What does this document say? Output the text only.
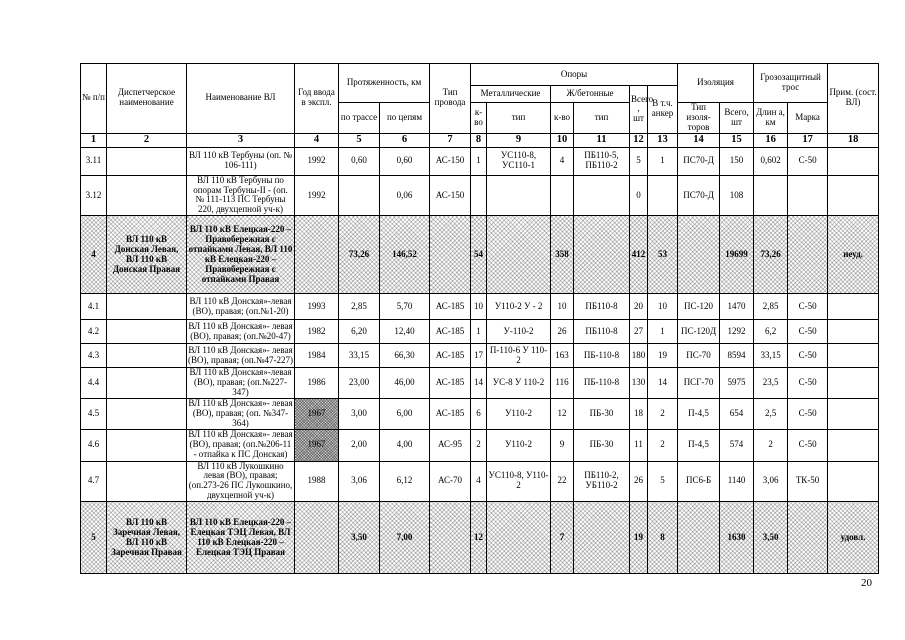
№ п/п	Диспетчерское наименование	Наименование ВЛ	Год ввода в экспл.	Протяженность, км		Тип провода	Опоры						Изоляция		Грозозащитный трос		Прим. (сост. ВЛ)
							Металлические		Ж/бетонные		Всего , шт	В т.ч. анкер					
				по трассе	по цепям		к-во	тип	к-во	тип			Тип изоля- торов	Всего, шт	Длин а, км	Марка	
1	2	3	4	5	6	7	8	9	10	11	12	13	14	15	16	17	18
3.11		ВЛ 110 кВ Тербуны (оп. № 106-111)	1992	0,60	0,60	АС-150	1	УС110-8, УС110-1	4	ПБ110-5, ПБ110-2	5	1	ПС70-Д	150	0,602	С-50	
3.12		ВЛ 110 кВ Тербуны по опорам Тербуны-II - (оп. № 111-113 ПС Тербуны 220, двухцепной уч-к)	1992		0,06	АС-150					0		ПС70-Д	108			
4	ВЛ 110 кВ Донская Левая, ВЛ 110 кВ Донская Правая	ВЛ 110 кВ Елецкая-220 – Правобережная с отпайками Левая, ВЛ 110 кВ Елецкая-220 – Правобережная с отпайками Правая		73,26	146,52		54		358		412	53		19699	73,26		неуд.
4.1		ВЛ 110 кВ Донская»-левая (ВО), правая; (оп.№1-20)	1993	2,85	5,70	АС-185	10	У110-2 У - 2	10	ПБ110-8	20	10	ПС-120	1470	2,85	С-50	
4.2		ВЛ 110 кВ Донская»- левая (ВО), правая; (оп.№20-47)	1982	6,20	12,40	АС-185	1	У-110-2	26	ПБ110-8	27	1	ПС-120Д	1292	6,2	С-50	
4.3		ВЛ 110 кВ Донская»- левая (ВО), правая; (оп.№47-227)	1984	33,15	66,30	АС-185	17	П-110-6 У 110-2	163	ПБ-110-8	180	19	ПС-70	8594	33,15	С-50	
4.4		ВЛ 110 кВ Донская»-левая (ВО), правая; (оп.№227-347)	1986	23,00	46,00	АС-185	14	УС-8 У 110-2	116	ПБ-110-8	130	14	ПСГ-70	5975	23,5	С-50	
4.5		ВЛ 110 кВ Донская»- левая (ВО), правая; (оп. №347-364)	1967	3,00	6,00	АС-185	6	У110-2	12	ПБ-30	18	2	П-4,5	654	2,5	С-50	
4.6		ВЛ 110 кВ Донская»- левая (ВО), правая; (оп.№206-11 - отпайка к ПС Донская)	1967	2,00	4,00	АС-95	2	У110-2	9	ПБ-30	11	2	П-4,5	574	2	С-50	
4.7		ВЛ 110 кВ Лукошкино левая (ВО), правая; (оп.273-26 ПС Лукошкино, двухцепной уч-к)	1988	3,06	6,12	АС-70	4	УС110-8, У110-2	22	ПБ110-2, УБ110-2	26	5	ПС6-Б	1140	3,06	ТК-50	
5	ВЛ 110 кВ Заречная Левая, ВЛ 110 кВ Заречная Правая	ВЛ 110 кВ Елецкая-220 – Елецкая ТЭЦ Левая, ВЛ 110 кВ Елецкая-220 – Елецкая ТЭЦ Правая		3,50	7,00		12		7		19	8		1630	3,50		удовл.
20
